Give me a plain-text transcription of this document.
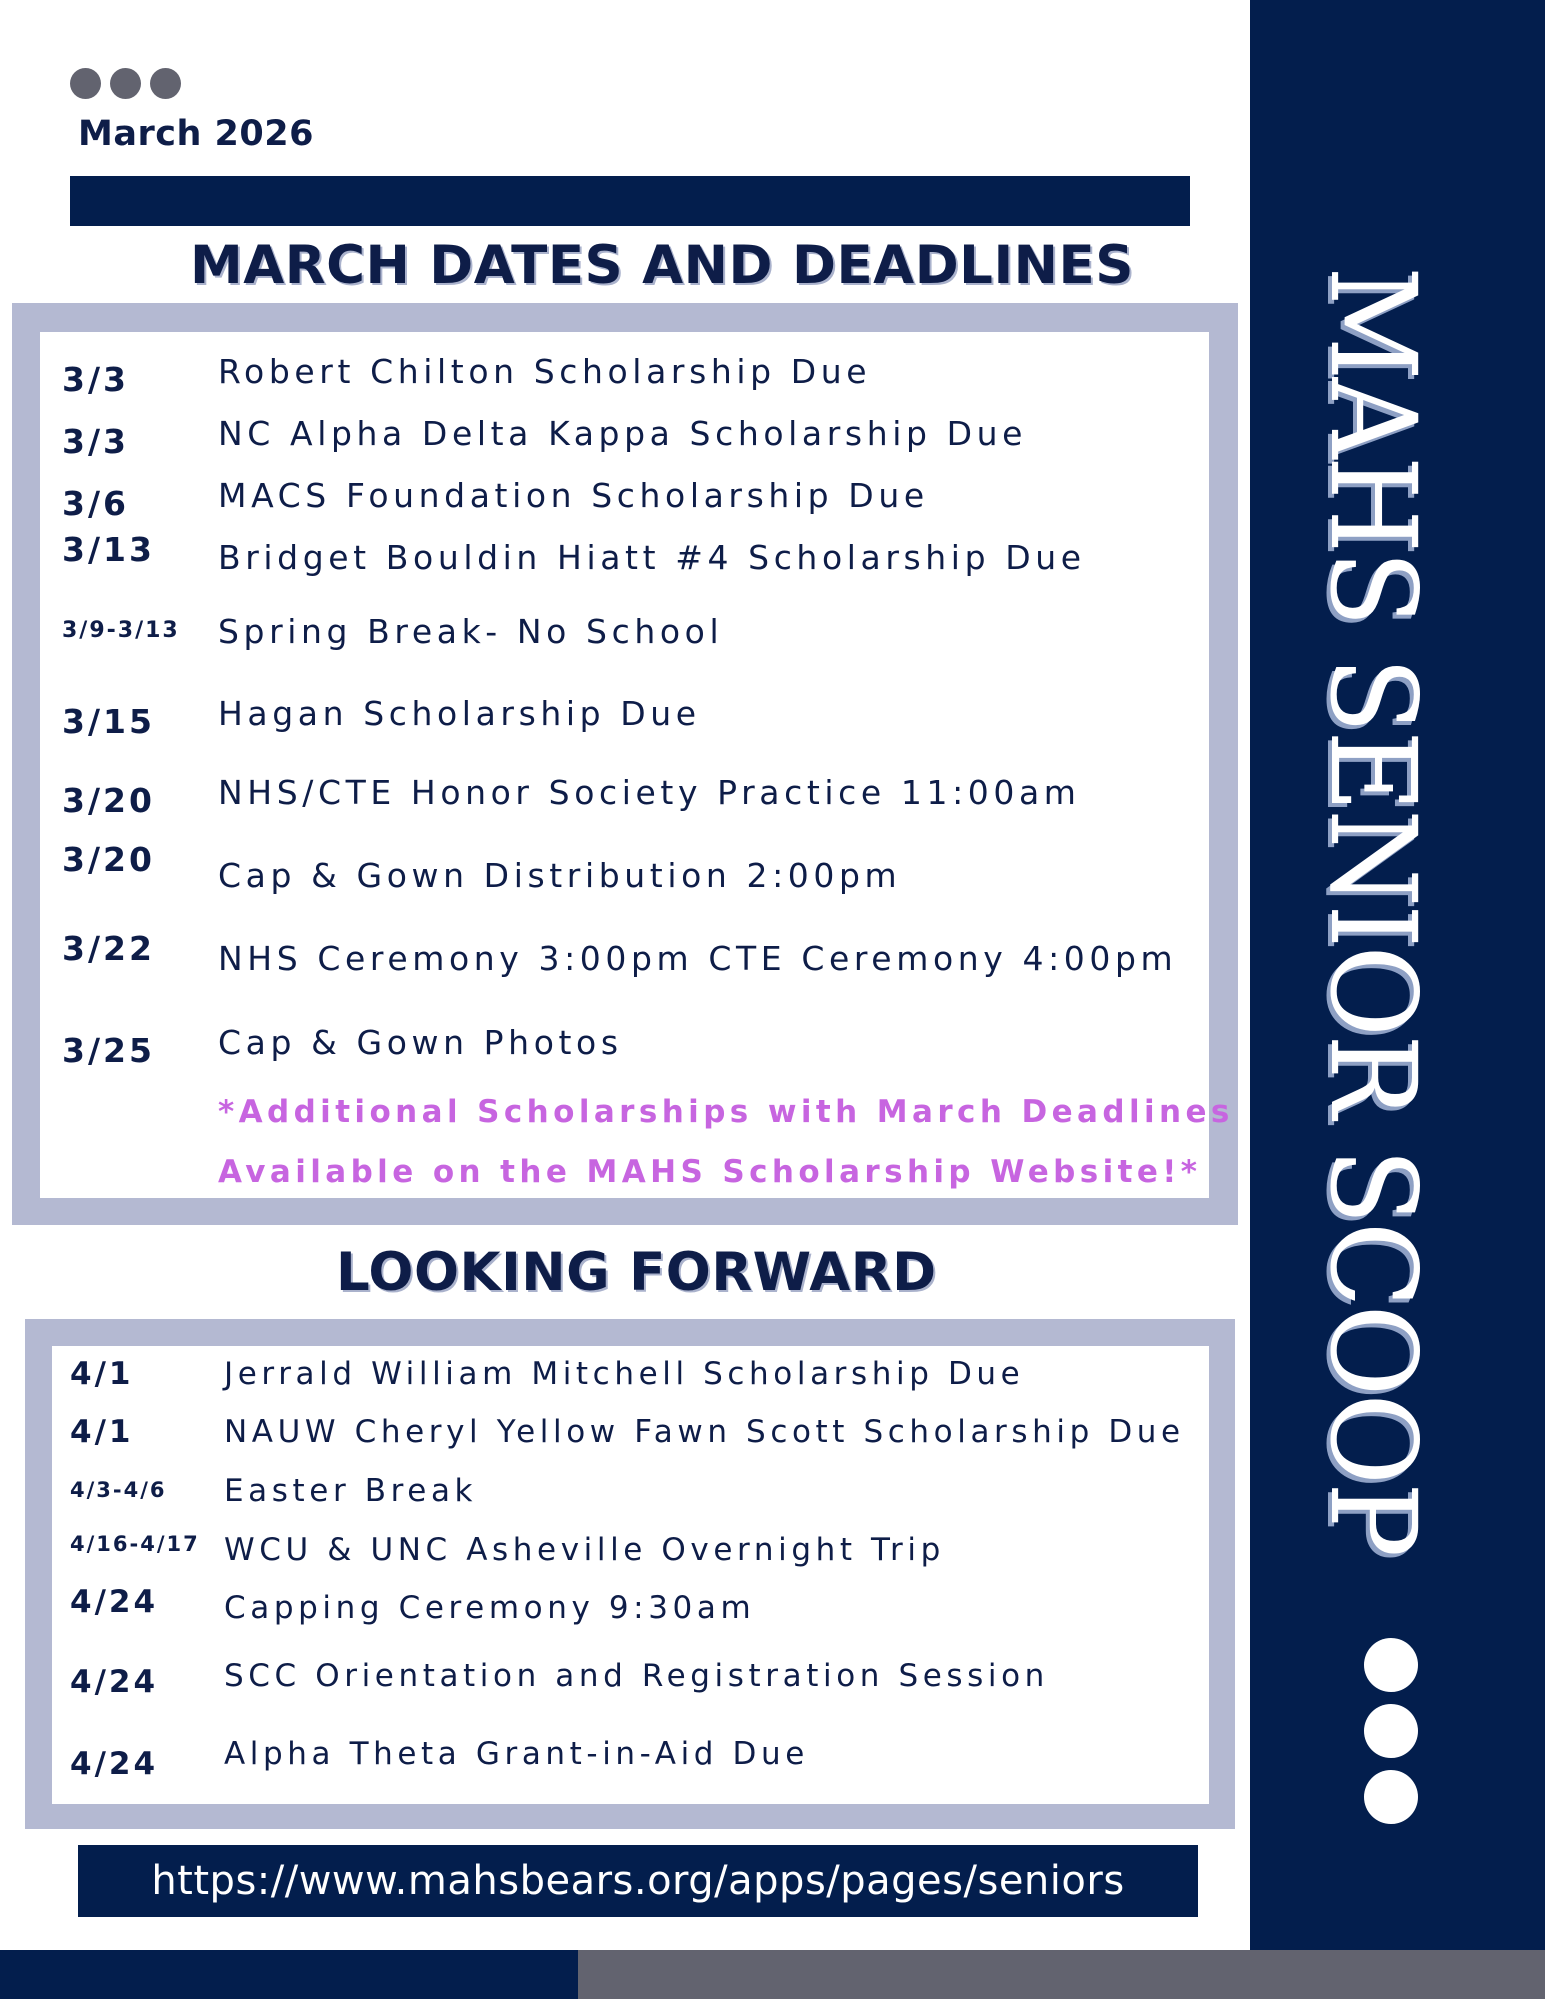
March 2026
MARCH DATES AND DEADLINES
3/3	Robert Chilton Scholarship Due
3/3	NC Alpha Delta Kappa Scholarship Due
3/6	MACS Foundation Scholarship Due
3/13 Bridget Bouldin Hiatt #4 Scholarship Due
3/9-3/13 Spring Break- No School
3/15 Hagan Scholarship Due
3/20 NHS/CTE Honor Society Practice 11:00am
3/20 Cap & Gown Distribution 2:00pm
3/22 NHS Ceremony 3:00pm CTE Ceremony 4:00pm
3/25 Cap & Gown Photos
*Additional Scholarships with March Deadlines
Available on the MAHS Scholarship Website!*
LOOKING FORWARD
4/1	Jerrald William Mitchell Scholarship Due
4/1	NAUW Cheryl Yellow Fawn Scott Scholarship Due
4/3-4/6 Easter Break
4/16-4/17 WCU & UNC Asheville Overnight Trip
4/24 Capping Ceremony 9:30am
4/24 SCC Orientation and Registration Session
4/24 Alpha Theta Grant-in-Aid Due
https://www.mahsbears.org/apps/pages/seniors
MAHS SENIOR SCOOP
